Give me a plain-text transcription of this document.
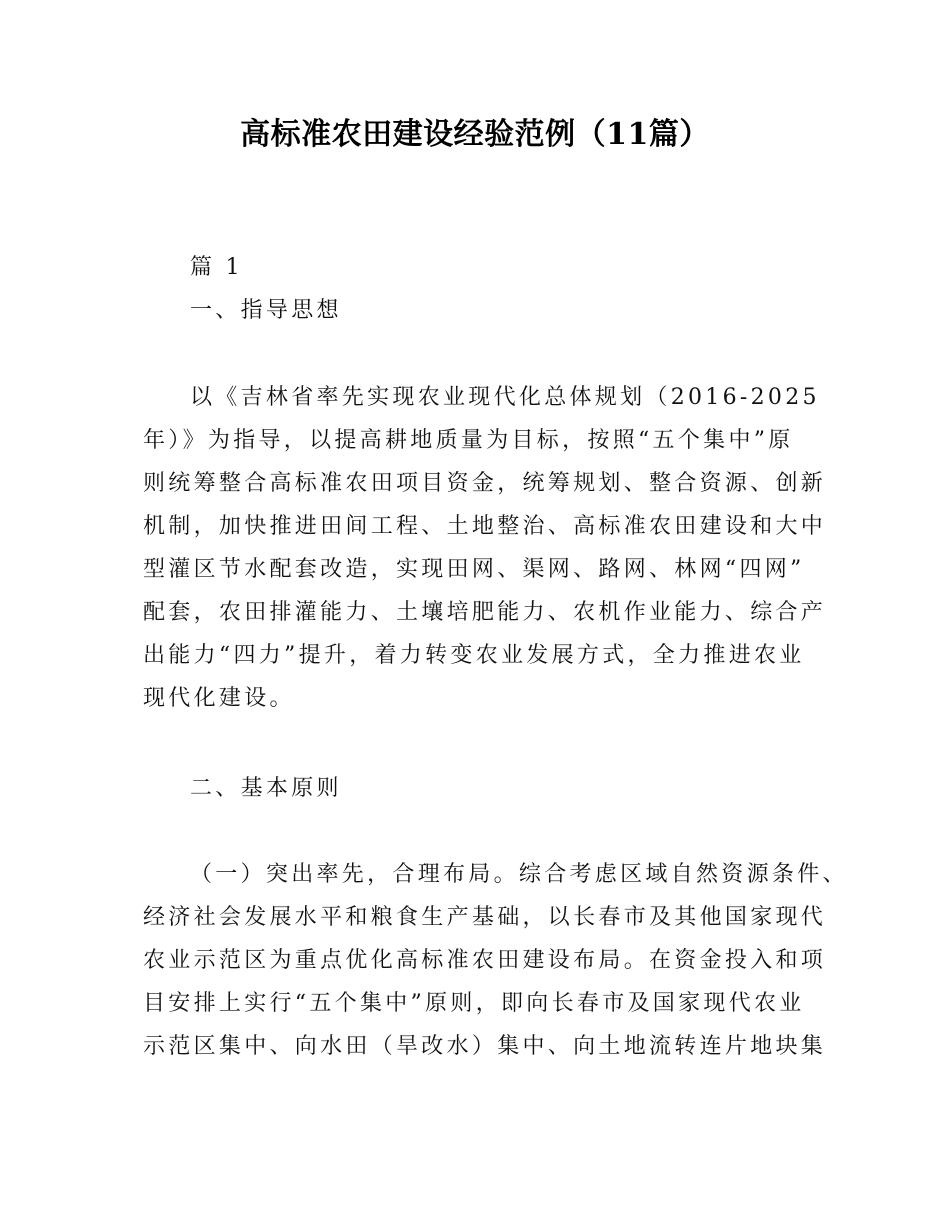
高标准农田建设经验范例（11篇）
篇 1
一、指导思想
以《吉林省率先实现农业现代化总体规划（2016-2025
年）》为指导，以提高耕地质量为目标，按照“五个集中”原
则统筹整合高标准农田项目资金，统筹规划、整合资源、创新
机制，加快推进田间工程、土地整治、高标准农田建设和大中
型灌区节水配套改造，实现田网、渠网、路网、林网“四网”
配套，农田排灌能力、土壤培肥能力、农机作业能力、综合产
出能力“四力”提升，着力转变农业发展方式，全力推进农业
现代化建设。
二、基本原则
（一）突出率先，合理布局。综合考虑区域自然资源条件、
经济社会发展水平和粮食生产基础，以长春市及其他国家现代
农业示范区为重点优化高标准农田建设布局。在资金投入和项
目安排上实行“五个集中”原则，即向长春市及国家现代农业
示范区集中、向水田（旱改水）集中、向土地流转连片地块集
